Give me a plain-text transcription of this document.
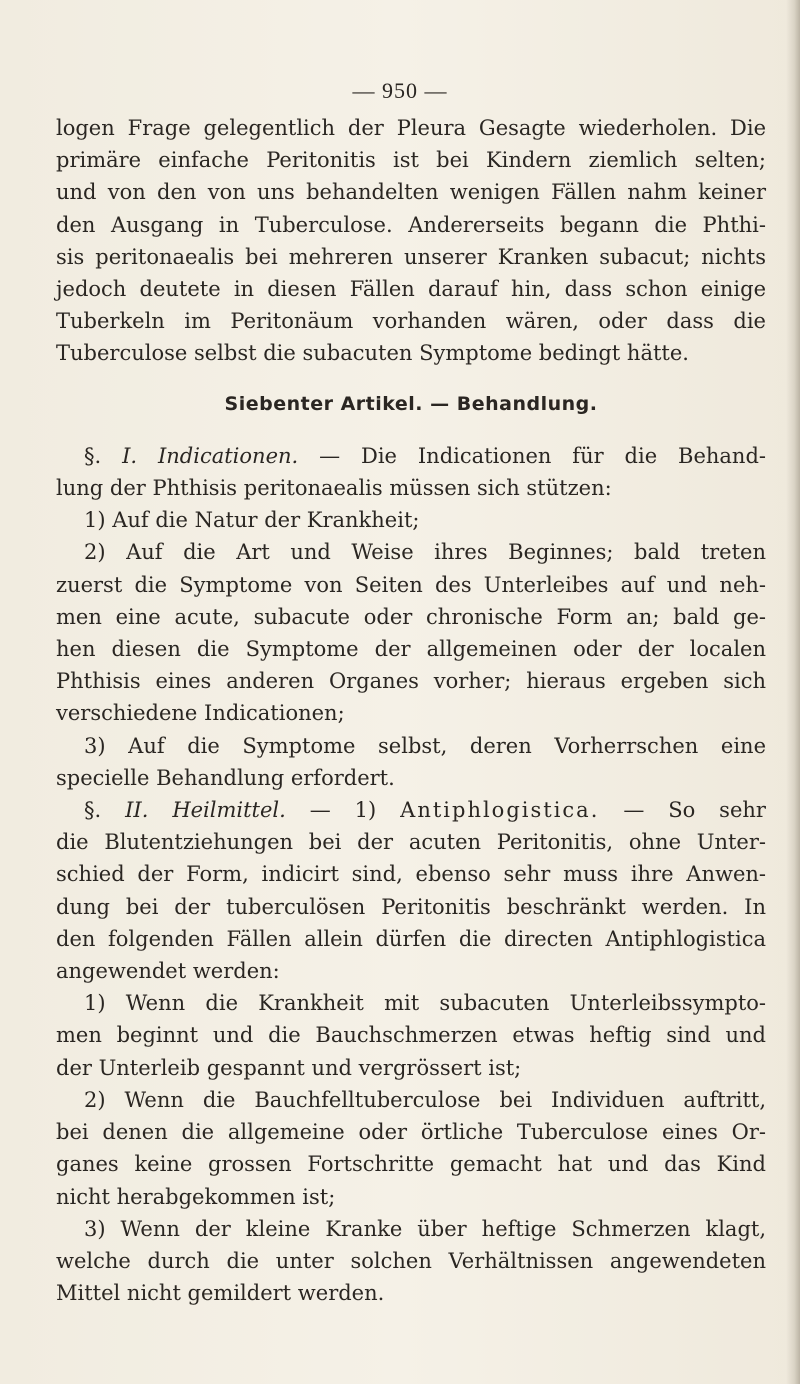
— 950 —
logen Frage gelegentlich der Pleura Gesagte wiederholen. Die
primäre einfache Peritonitis ist bei Kindern ziemlich selten;
und von den von uns behandelten wenigen Fällen nahm keiner
den Ausgang in Tuberculose. Andererseits begann die Phthi-
sis peritonaealis bei mehreren unserer Kranken subacut; nichts
jedoch deutete in diesen Fällen darauf hin, dass schon einige
Tuberkeln im Peritonäum vorhanden wären, oder dass die
Tuberculose selbst die subacuten Symptome bedingt hätte.
Siebenter Artikel. — Behandlung.
§. I. Indicationen. — Die Indicationen für die Behand-
lung der Phthisis peritonaealis müssen sich stützen:
1) Auf die Natur der Krankheit;
2) Auf die Art und Weise ihres Beginnes; bald treten
zuerst die Symptome von Seiten des Unterleibes auf und neh-
men eine acute, subacute oder chronische Form an; bald ge-
hen diesen die Symptome der allgemeinen oder der localen
Phthisis eines anderen Organes vorher; hieraus ergeben sich
verschiedene Indicationen;
3) Auf die Symptome selbst, deren Vorherrschen eine
specielle Behandlung erfordert.
§. II. Heilmittel. — 1) Antiphlogistica. — So sehr
die Blutentziehungen bei der acuten Peritonitis, ohne Unter-
schied der Form, indicirt sind, ebenso sehr muss ihre Anwen-
dung bei der tuberculösen Peritonitis beschränkt werden. In
den folgenden Fällen allein dürfen die directen Antiphlogistica
angewendet werden:
1) Wenn die Krankheit mit subacuten Unterleibssympto-
men beginnt und die Bauchschmerzen etwas heftig sind und
der Unterleib gespannt und vergrössert ist;
2) Wenn die Bauchfelltuberculose bei Individuen auftritt,
bei denen die allgemeine oder örtliche Tuberculose eines Or-
ganes keine grossen Fortschritte gemacht hat und das Kind
nicht herabgekommen ist;
3) Wenn der kleine Kranke über heftige Schmerzen klagt,
welche durch die unter solchen Verhältnissen angewendeten
Mittel nicht gemildert werden.
